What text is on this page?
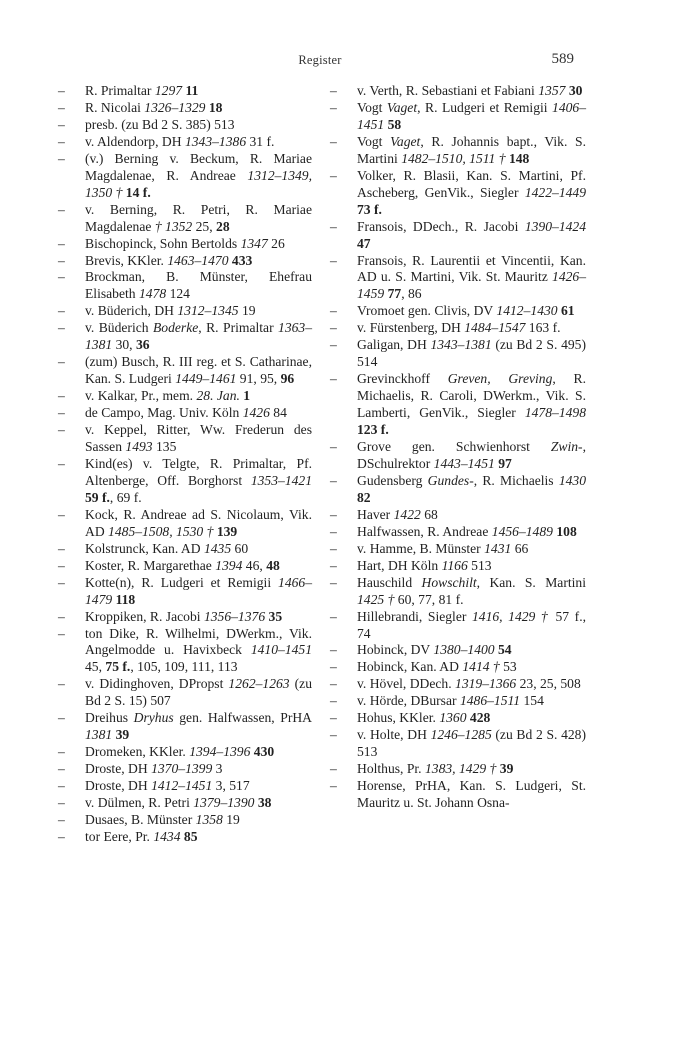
Register	589
– R. Primaltar 1297 11
– R. Nicolai 1326–1329 18
– presb. (zu Bd 2 S. 385) 513
– v. Aldendorp, DH 1343–1386 31 f.
– (v.) Berning v. Beckum, R. Mariae Magdalenae, R. Andreae 1312–1349, 1350 † 14 f.
– v. Berning, R. Petri, R. Mariae Magdalenae † 1352 25, 28
– Bischopinck, Sohn Bertolds 1347 26
– Brevis, KKler. 1463–1470 433
– Brockman, B. Münster, Ehefrau Elisabeth 1478 124
– v. Büderich, DH 1312–1345 19
– v. Büderich Boderke, R. Primaltar 1363–1381 30, 36
– (zum) Busch, R. III reg. et S. Catharinae, Kan. S. Ludgeri 1449–1461 91, 95, 96
– v. Kalkar, Pr., mem. 28. Jan. 1
– de Campo, Mag. Univ. Köln 1426 84
– v. Keppel, Ritter, Ww. Frederun des Sassen 1493 135
– Kind(es) v. Telgte, R. Primaltar, Pf. Altenberge, Off. Borghorst 1353–1421 59 f., 69 f.
– Kock, R. Andreae ad S. Nicolaum, Vik. AD 1485–1508, 1530 † 139
– Kolstrunck, Kan. AD 1435 60
– Koster, R. Margarethae 1394 46, 48
– Kotte(n), R. Ludgeri et Remigii 1466–1479 118
– Kroppiken, R. Jacobi 1356–1376 35
– ton Dike, R. Wilhelmi, DWerkm., Vik. Angelmodde u. Havixbeck 1410–1451 45, 75 f., 105, 109, 111, 113
– v. Didinghoven, DPropst 1262–1263 (zu Bd 2 S. 15) 507
– Dreihus Dryhus gen. Halfwassen, PrHA 1381 39
– Dromeken, KKler. 1394–1396 430
– Droste, DH 1370–1399 3
– Droste, DH 1412–1451 3, 517
– v. Dülmen, R. Petri 1379–1390 38
– Dusaes, B. Münster 1358 19
– tor Eere, Pr. 1434 85
– v. Verth, R. Sebastiani et Fabiani 1357 30
– Vogt Vaget, R. Ludgeri et Remigii 1406–1451 58
– Vogt Vaget, R. Johannis bapt., Vik. S. Martini 1482–1510, 1511 † 148
– Volker, R. Blasii, Kan. S. Martini, Pf. Ascheberg, GenVik., Siegler 1422–1449 73 f.
– Fransois, DDech., R. Jacobi 1390–1424 47
– Fransois, R. Laurentii et Vincentii, Kan. AD u. S. Martini, Vik. St. Mauritz 1426–1459 77, 86
– Vromoet gen. Clivis, DV 1412–1430 61
– v. Fürstenberg, DH 1484–1547 163 f.
– Galigan, DH 1343–1381 (zu Bd 2 S. 495) 514
– Grevinckhoff Greven, Greving, R. Michaelis, R. Caroli, DWerkm., Vik. S. Lamberti, GenVik., Siegler 1478–1498 123 f.
– Grove gen. Schwienhorst Zwin-, DSchulrektor 1443–1451 97
– Gudensberg Gundes-, R. Michaelis 1430 82
– Haver 1422 68
– Halfwassen, R. Andreae 1456–1489 108
– v. Hamme, B. Münster 1431 66
– Hart, DH Köln 1166 513
– Hauschild Howschilt, Kan. S. Martini 1425 † 60, 77, 81 f.
– Hillebrandi, Siegler 1416, 1429 † 57 f., 74
– Hobinck, DV 1380–1400 54
– Hobinck, Kan. AD 1414 † 53
– v. Hövel, DDech. 1319–1366 23, 25, 508
– v. Hörde, DBursar 1486–1511 154
– Hohus, KKler. 1360 428
– v. Holte, DH 1246–1285 (zu Bd 2 S. 428) 513
– Holthus, Pr. 1383, 1429 † 39
– Horense, PrHA, Kan. S. Ludgeri, St. Mauritz u. St. Johann Osna-
